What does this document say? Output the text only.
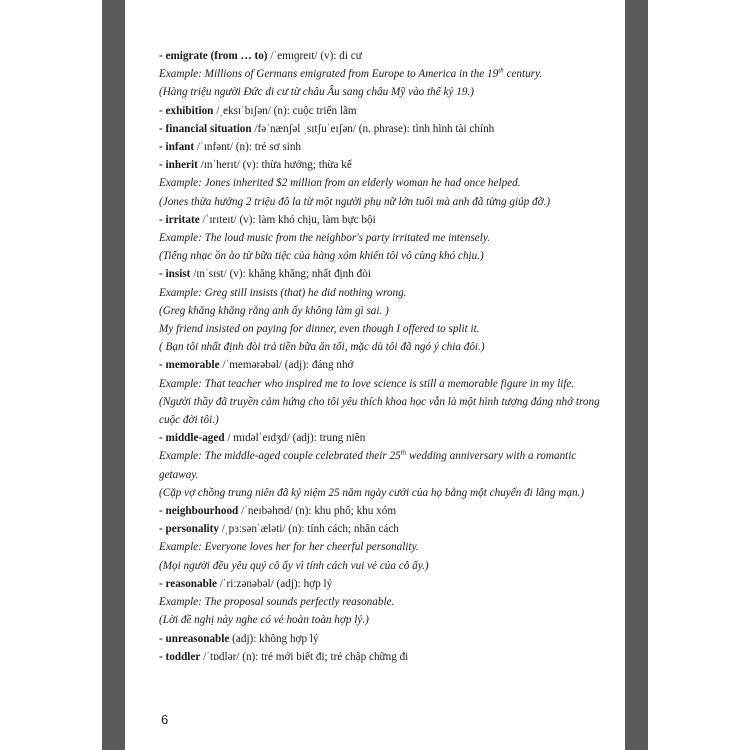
- emigrate (from … to) /ˈemɪɡreɪt/ (v): di cư
Example: Millions of Germans emigrated from Europe to America in the 19th century.
(Hàng triệu người Đức di cư từ châu Âu sang châu Mỹ vào thế kỷ 19.)
- exhibition /ˌeksɪˈbɪʃən/ (n): cuộc triển lãm
- financial situation /fəˈnænʃəl ˌsɪtʃuˈeɪʃən/ (n. phrase): tình hình tài chính
- infant /ˈɪnfənt/ (n): trẻ sơ sinh
- inherit /ɪnˈherɪt/ (v): thừa hưởng; thừa kế
Example: Jones inherited $2 million from an elderly woman he had once helped.
(Jones thừa hưởng 2 triệu đô la từ một người phụ nữ lớn tuổi mà anh đã từng giúp đỡ.)
- irritate /ˈɪrɪteɪt/ (v): làm khó chịu, làm bực bội
Example: The loud music from the neighbor's party irritated me intensely.
(Tiếng nhạc ồn ào từ bữa tiệc của hàng xóm khiến tôi vô cùng khó chịu.)
- insist /ɪnˈsɪst/ (v): khăng khăng; nhất định đòi
Example: Greg still insists (that) he did nothing wrong.
(Greg khăng khăng rằng anh ấy không làm gì sai. )
My friend insisted on paying for dinner, even though I offered to split it.
( Bạn tôi nhất định đòi trả tiền bữa ăn tối, mặc dù tôi đã ngỏ ý chia đôi.)
- memorable /ˈmemərəbəl/ (adj): đáng nhớ
Example: That teacher who inspired me to love science is still a memorable figure in my life.
(Người thầy đã truyền cảm hứng cho tôi yêu thích khoa học vẫn là một hình tượng đáng nhớ trong cuộc đời tôi.)
- middle-aged / mɪdəlˈeɪdʒd/ (adj): trung niên
Example: The middle-aged couple celebrated their 25th wedding anniversary with a romantic getaway.
(Cặp vợ chồng trung niên đã kỷ niệm 25 năm ngày cưới của họ bằng một chuyến đi lãng mạn.)
- neighbourhood /ˈneɪbəhʊd/ (n): khu phố; khu xóm
- personality /ˌpɜːsənˈæləti/ (n): tính cách; nhân cách
Example: Everyone loves her for her cheerful personality.
(Mọi người đều yêu quý cô ấy vì tính cách vui vẻ của cô ấy.)
- reasonable /ˈriːzənəbəl/ (adj): hợp lý
Example: The proposal sounds perfectly reasonable.
(Lời đề nghị này nghe có vẻ hoàn toàn hợp lý.)
- unreasonable (adj): không hợp lý
- toddler /ˈtɒdlər/ (n): trẻ mới biết đi; trẻ chập chững đi
6
